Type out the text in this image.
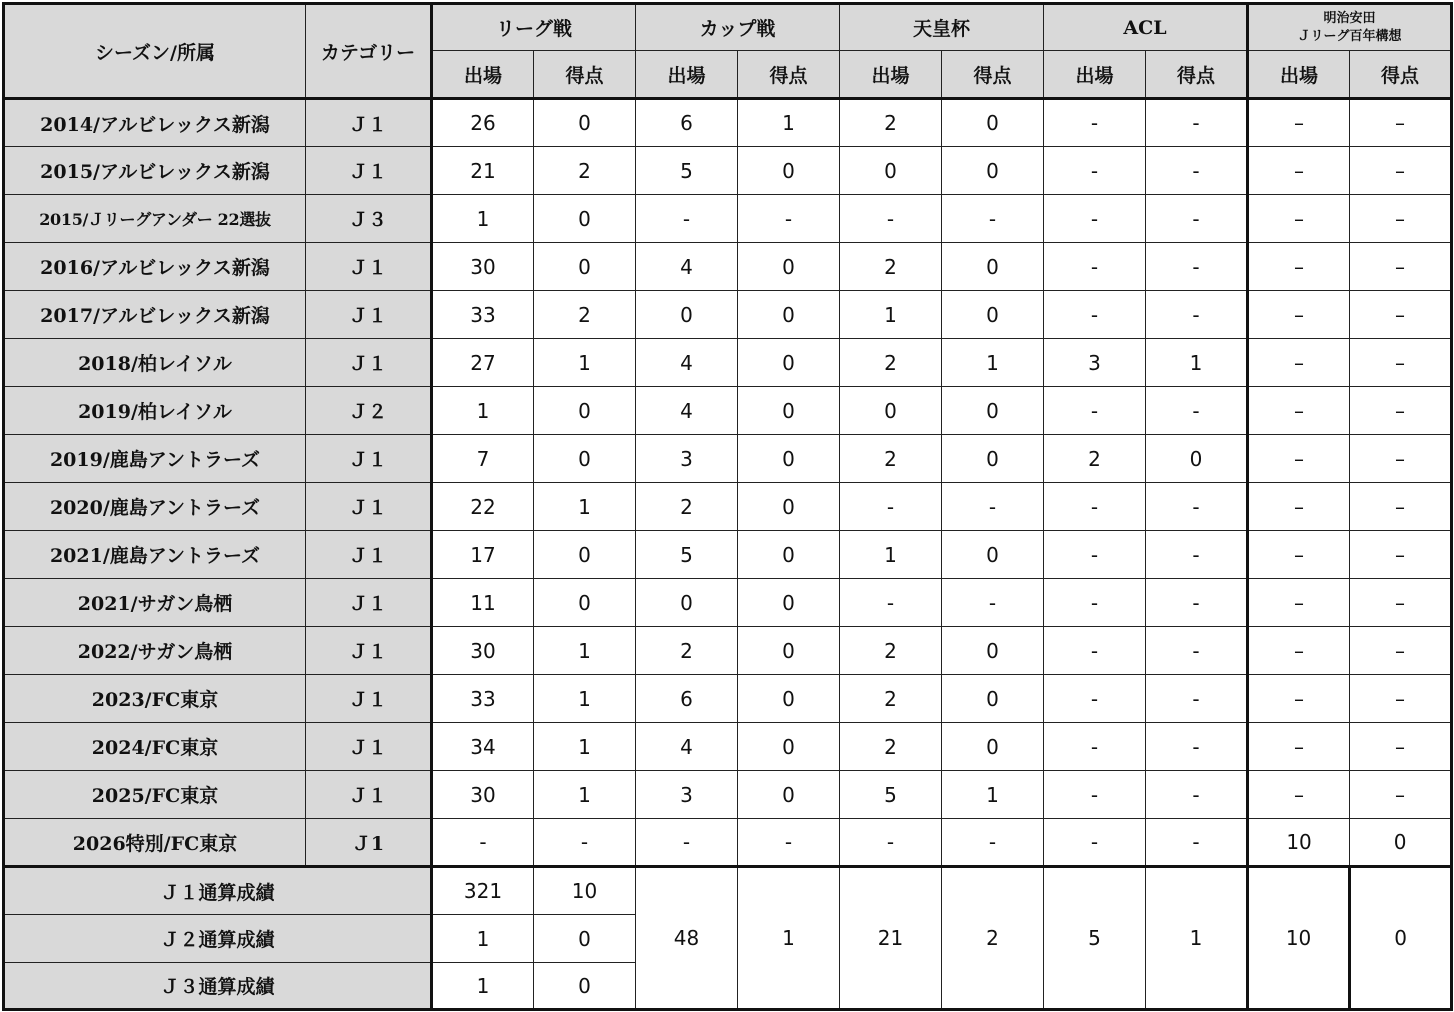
シーズン/所属	カテゴリー	リーグ戦		カップ戦		天皇杯		ACL		明治安田
Ｊリーグ百年構想	
		出場	得点	出場	得点	出場	得点	出場	得点	出場	得点
2014/アルビレックス新潟	Ｊ１	26	0	6	1	2	0	-	-	–	–
2015/アルビレックス新潟	Ｊ１	21	2	5	0	0	0	-	-	–	–
2015/Ｊリーグアンダー 22選抜	Ｊ３	1	0	-	-	-	-	-	-	–	–
2016/アルビレックス新潟	Ｊ１	30	0	4	0	2	0	-	-	–	–
2017/アルビレックス新潟	Ｊ１	33	2	0	0	1	0	-	-	–	–
2018/柏レイソル	Ｊ１	27	1	4	0	2	1	3	1	–	–
2019/柏レイソル	Ｊ２	1	0	4	0	0	0	-	-	–	–
2019/鹿島アントラーズ	Ｊ１	7	0	3	0	2	0	2	0	–	–
2020/鹿島アントラーズ	Ｊ１	22	1	2	0	-	-	-	-	–	–
2021/鹿島アントラーズ	Ｊ１	17	0	5	0	1	0	-	-	–	–
2021/サガン鳥栖	Ｊ１	11	0	0	0	-	-	-	-	–	–
2022/サガン鳥栖	Ｊ１	30	1	2	0	2	0	-	-	–	–
2023/FC東京	Ｊ１	33	1	6	0	2	0	-	-	–	–
2024/FC東京	Ｊ１	34	1	4	0	2	0	-	-	–	–
2025/FC東京	Ｊ１	30	1	3	0	5	1	-	-	–	–
2026特別/FC東京	Ｊ1	-	-	-	-	-	-	-	-	10	0
Ｊ１通算成績		321	10	48	1	21	2	5	1	10	0
Ｊ２通算成績		1	0								
Ｊ３通算成績		1	0								
